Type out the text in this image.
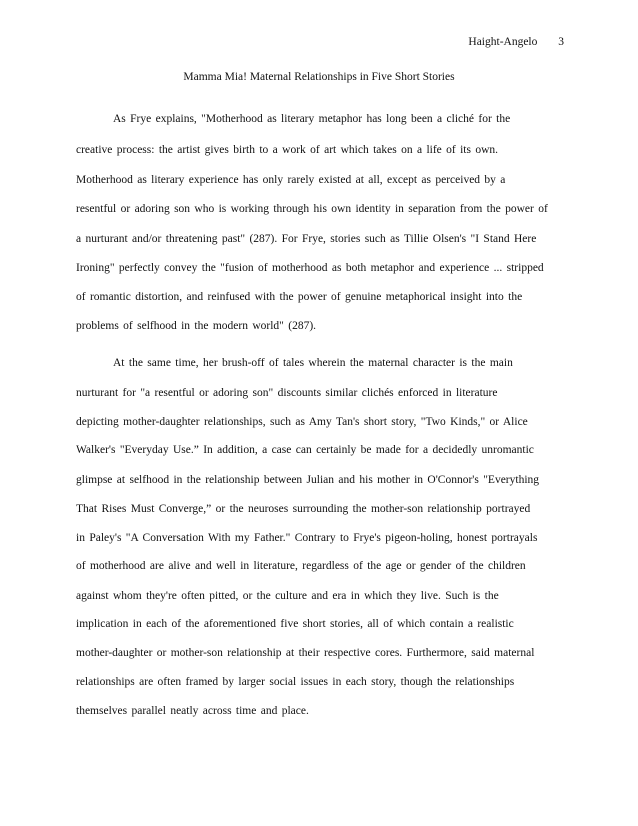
Haight-Angelo 3
Mamma Mia! Maternal Relationships in Five Short Stories
As Frye explains, "Motherhood as literary metaphor has long been a cliché for the
creative process: the artist gives birth to a work of art which takes on a life of its own.
Motherhood as literary experience has only rarely existed at all, except as perceived by a
resentful or adoring son who is working through his own identity in separation from the power of
a nurturant and/or threatening past" (287). For Frye, stories such as Tillie Olsen's "I Stand Here
Ironing" perfectly convey the "fusion of motherhood as both metaphor and experience ... stripped
of romantic distortion, and reinfused with the power of genuine metaphorical insight into the
problems of selfhood in the modern world" (287).
At the same time, her brush-off of tales wherein the maternal character is the main
nurturant for "a resentful or adoring son" discounts similar clichés enforced in literature
depicting mother-daughter relationships, such as Amy Tan's short story, "Two Kinds," or Alice
Walker's "Everyday Use.” In addition, a case can certainly be made for a decidedly unromantic
glimpse at selfhood in the relationship between Julian and his mother in O'Connor's "Everything
That Rises Must Converge,” or the neuroses surrounding the mother-son relationship portrayed
in Paley's "A Conversation With my Father." Contrary to Frye's pigeon-holing, honest portrayals
of motherhood are alive and well in literature, regardless of the age or gender of the children
against whom they're often pitted, or the culture and era in which they live. Such is the
implication in each of the aforementioned five short stories, all of which contain a realistic
mother-daughter or mother-son relationship at their respective cores. Furthermore, said maternal
relationships are often framed by larger social issues in each story, though the relationships
themselves parallel neatly across time and place.
